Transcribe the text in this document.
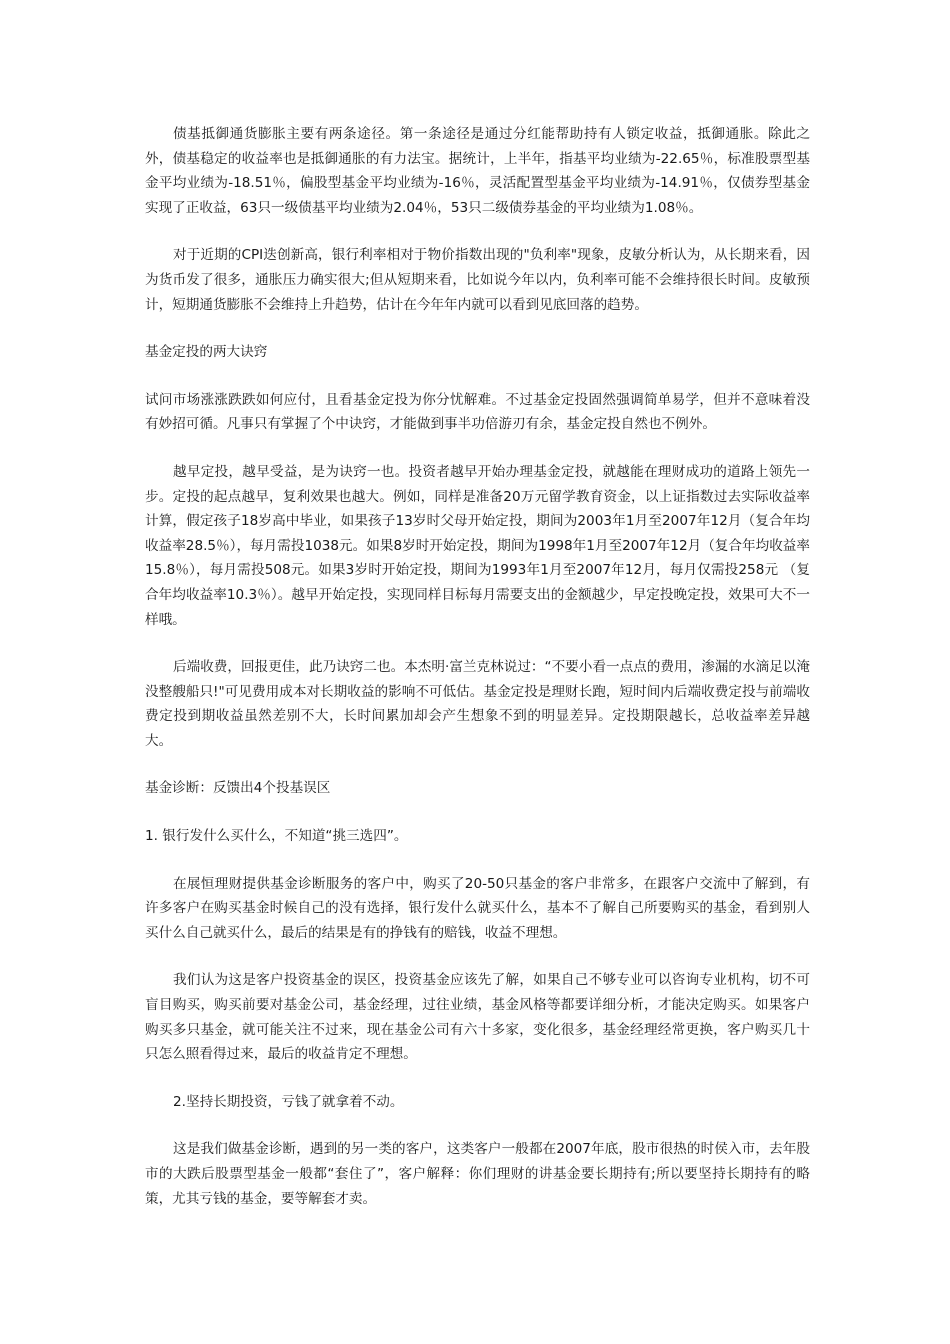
债基抵御通货膨胀主要有两条途径。第一条途径是通过分红能帮助持有人锁定收益，抵御通胀。除此之外，债基稳定的收益率也是抵御通胀的有力法宝。据统计，上半年，指基平均业绩为-22.65％，标准股票型基金平均业绩为-18.51％，偏股型基金平均业绩为-16％，灵活配置型基金平均业绩为-14.91％，仅债券型基金实现了正收益，63只一级债基平均业绩为2.04％，53只二级债券基金的平均业绩为1.08％。

对于近期的CPI迭创新高，银行利率相对于物价指数出现的"负利率"现象，皮敏分析认为，从长期来看，因为货币发了很多，通胀压力确实很大;但从短期来看，比如说今年以内，负利率可能不会维持很长时间。皮敏预计，短期通货膨胀不会维持上升趋势，估计在今年年内就可以看到见底回落的趋势。

基金定投的两大诀窍

试问市场涨涨跌跌如何应付，且看基金定投为你分忧解难。不过基金定投固然强调简单易学，但并不意味着没有妙招可循。凡事只有掌握了个中诀窍，才能做到事半功倍游刃有余，基金定投自然也不例外。

越早定投，越早受益，是为诀窍一也。投资者越早开始办理基金定投，就越能在理财成功的道路上领先一步。定投的起点越早，复利效果也越大。例如，同样是准备20万元留学教育资金，以上证指数过去实际收益率计算，假定孩子18岁高中毕业，如果孩子13岁时父母开始定投，期间为2003年1月至2007年12月（复合年均收益率28.5％），每月需投1038元。如果8岁时开始定投，期间为1998年1月至2007年12月（复合年均收益率15.8％），每月需投508元。如果3岁时开始定投，期间为1993年1月至2007年12月，每月仅需投258元 （复合年均收益率10.3％）。越早开始定投，实现同样目标每月需要支出的金额越少，早定投晚定投，效果可大不一样哦。

后端收费，回报更佳，此乃诀窍二也。本杰明·富兰克林说过：“不要小看一点点的费用，渗漏的水滴足以淹没整艘船只!"可见费用成本对长期收益的影响不可低估。基金定投是理财长跑，短时间内后端收费定投与前端收费定投到期收益虽然差别不大，长时间累加却会产生想象不到的明显差异。定投期限越长，总收益率差异越大。

基金诊断：反馈出4个投基误区

1. 银行发什么买什么，不知道“挑三选四”。

在展恒理财提供基金诊断服务的客户中，购买了20-50只基金的客户非常多，在跟客户交流中了解到，有许多客户在购买基金时候自己的没有选择，银行发什么就买什么，基本不了解自己所要购买的基金，看到别人买什么自己就买什么，最后的结果是有的挣钱有的赔钱，收益不理想。

我们认为这是客户投资基金的误区，投资基金应该先了解，如果自己不够专业可以咨询专业机构，切不可盲目购买，购买前要对基金公司，基金经理，过往业绩，基金风格等都要详细分析，才能决定购买。如果客户购买多只基金，就可能关注不过来，现在基金公司有六十多家，变化很多，基金经理经常更换，客户购买几十只怎么照看得过来，最后的收益肯定不理想。

2.坚持长期投资，亏钱了就拿着不动。

这是我们做基金诊断，遇到的另一类的客户，这类客户一般都在2007年底，股市很热的时侯入市，去年股市的大跌后股票型基金一般都“套住了”，客户解释：你们理财的讲基金要长期持有;所以要坚持长期持有的略策，尤其亏钱的基金，要等解套才卖。
